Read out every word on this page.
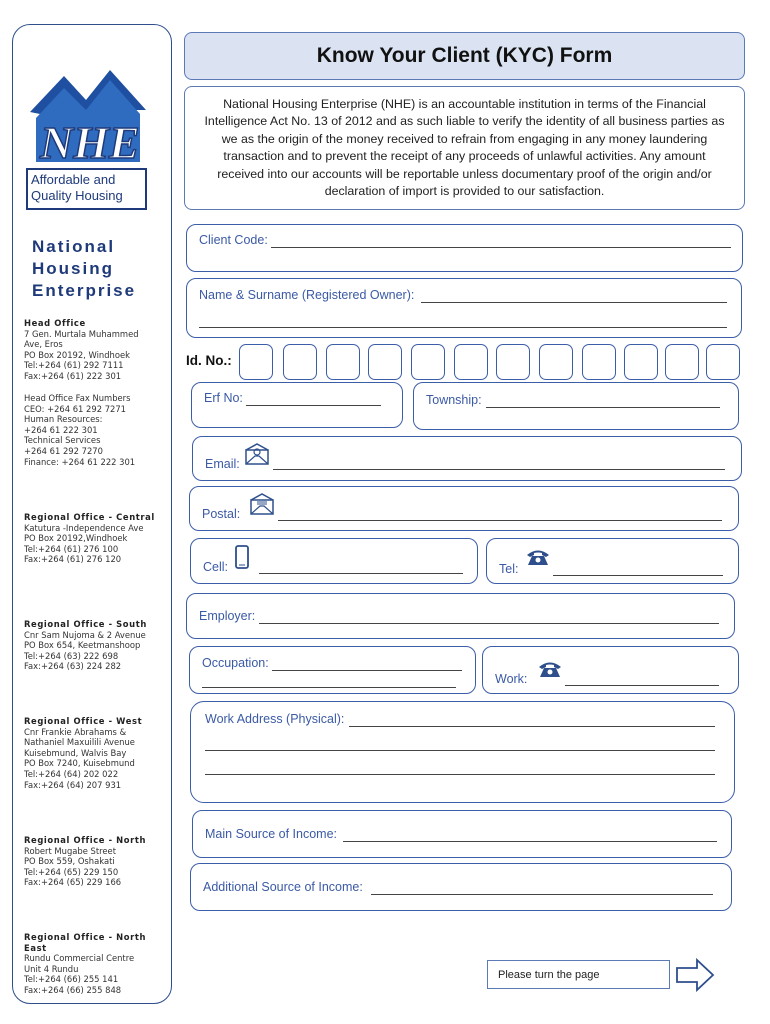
NHE
Affordable and
Quality Housing
National
Housing
Enterprise
Head Office
7 Gen. Murtala Muhammed
Ave, Eros
PO Box 20192, Windhoek
Tel:+264 (61) 292 7111
Fax:+264 (61) 222 301
Head Office Fax Numbers
CEO: +264 61 292 7271
Human Resources:
+264 61 222 301
Technical Services
+264 61 292 7270
Finance: +264 61 222 301
Regional Office - Central
Katutura -Independence Ave
PO Box 20192,Windhoek
Tel:+264 (61) 276 100
Fax:+264 (61) 276 120
Regional Office - South
Cnr Sam Nujoma & 2 Avenue
PO Box 654, Keetmanshoop
Tel:+264 (63) 222 698
Fax:+264 (63) 224 282
Regional Office - West
Cnr Frankie Abrahams &
Nathaniel Maxuilili Avenue
Kuisebmund, Walvis Bay
PO Box 7240, Kuisebmund
Tel:+264 (64) 202 022
Fax:+264 (64) 207 931
Regional Office - North
Robert Mugabe Street
PO Box 559, Oshakati
Tel:+264 (65) 229 150
Fax:+264 (65) 229 166
Regional Office - North East
Rundu Commercial Centre
Unit 4 Rundu
Tel:+264 (66) 255 141
Fax:+264 (66) 255 848
Know Your Client (KYC) Form
National Housing Enterprise (NHE) is an accountable institution in terms of the Financial Intelligence Act No. 13 of 2012 and as such liable to verify the identity of all business parties as we as the origin of the money received to refrain from engaging in any money laundering transaction and to prevent the receipt of any proceeds of unlawful activities. Any amount received into our accounts will be reportable unless documentary proof of the origin and/or declaration of import is provided to our satisfaction.
Client Code:
Name & Surname (Registered Owner):
Id. No.:
Erf No:	Township:
Email:
Postal:
Cell:	Tel:
Employer:
Occupation:
Work:
Work Address (Physical):
Main Source of Income:
Additional Source of Income:
Please turn the page
